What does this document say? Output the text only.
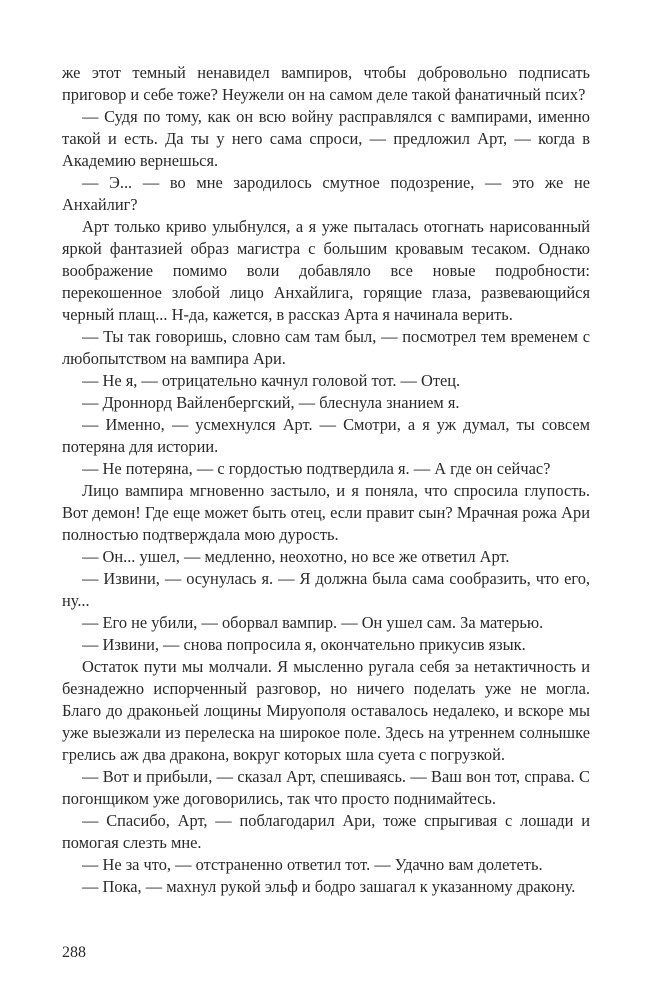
же этот темный ненавидел вампиров, чтобы добровольно подписать приговор и себе тоже? Неужели он на самом деле такой фанатичный псих?

— Судя по тому, как он всю войну расправлялся с вампирами, именно такой и есть. Да ты у него сама спроси, — предложил Арт, — когда в Академию вернешься.

— Э... — во мне зародилось смутное подозрение, — это же не Анхайлиг?

Арт только криво улыбнулся, а я уже пыталась отогнать нарисованный яркой фантазией образ магистра с большим кровавым тесаком. Однако воображение помимо воли добавляло все новые подробности: перекошенное злобой лицо Анхайлига, горящие глаза, развевающийся черный плащ... Н-да, кажется, в рассказ Арта я начинала верить.

— Ты так говоришь, словно сам там был, — посмотрел тем временем с любопытством на вампира Ари.

— Не я, — отрицательно качнул головой тот. — Отец.

— Дроннорд Вайленбергский, — блеснула знанием я.

— Именно, — усмехнулся Арт. — Смотри, а я уж думал, ты совсем потеряна для истории.

— Не потеряна, — с гордостью подтвердила я. — А где он сейчас?

Лицо вампира мгновенно застыло, и я поняла, что спросила глупость. Вот демон! Где еще может быть отец, если правит сын? Мрачная рожа Ари полностью подтверждала мою дурость.

— Он... ушел, — медленно, неохотно, но все же ответил Арт.

— Извини, — осунулась я. — Я должна была сама сообразить, что его, ну...

— Его не убили, — оборвал вампир. — Он ушел сам. За матерью.

— Извини, — снова попросила я, окончательно прикусив язык.

Остаток пути мы молчали. Я мысленно ругала себя за нетактичность и безнадежно испорченный разговор, но ничего поделать уже не могла. Благо до драконьей лощины Мируополя оставалось недалеко, и вскоре мы уже выезжали из перелеска на широкое поле. Здесь на утреннем солнышке грелись аж два дракона, вокруг которых шла суета с погрузкой.

— Вот и прибыли, — сказал Арт, спешиваясь. — Ваш вон тот, справа. С погонщиком уже договорились, так что просто поднимайтесь.

— Спасибо, Арт, — поблагодарил Ари, тоже спрыгивая с лошади и помогая слезть мне.

— Не за что, — отстраненно ответил тот. — Удачно вам долететь.

— Пока, — махнул рукой эльф и бодро зашагал к указанному дракону.

288
